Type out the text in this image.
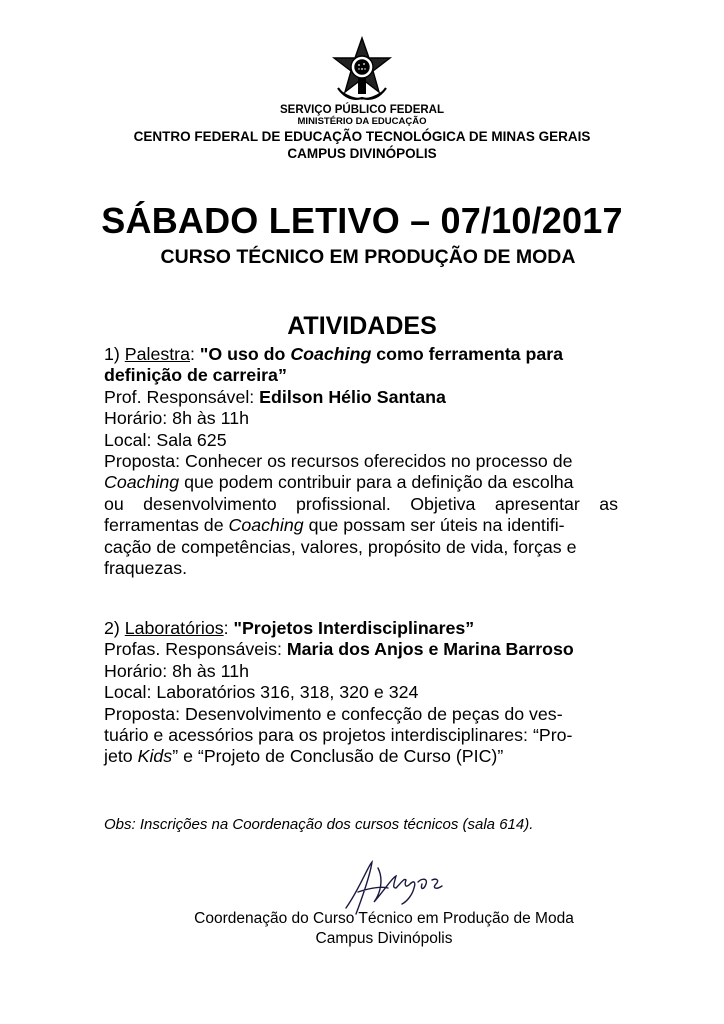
SERVIÇO PÚBLICO FEDERAL
MINISTÉRIO DA EDUCAÇÃO
CENTRO FEDERAL DE EDUCAÇÃO TECNOLÓGICA DE MINAS GERAIS
CAMPUS DIVINÓPOLIS
SÁBADO LETIVO – 07/10/2017
CURSO TÉCNICO EM PRODUÇÃO DE MODA
ATIVIDADES
1) Palestra: "O uso do Coaching como ferramenta para
definição de carreira”
Prof. Responsável: Edilson Hélio Santana
Horário: 8h às 11h
Local: Sala 625
Proposta: Conhecer os recursos oferecidos no processo de
Coaching que podem contribuir para a definição da escolha
ou desenvolvimento profissional. Objetiva apresentar as
ferramentas de Coaching que possam ser úteis na identifi-
cação de competências, valores, propósito de vida, forças e
fraquezas.
2) Laboratórios: "Projetos Interdisciplinares”
Profas. Responsáveis: Maria dos Anjos e Marina Barroso
Horário: 8h às 11h
Local: Laboratórios 316, 318, 320 e 324
Proposta: Desenvolvimento e confecção de peças do ves-
tuário e acessórios para os projetos interdisciplinares: “Pro-
jeto Kids” e “Projeto de Conclusão de Curso (PIC)”
Obs: Inscrições na Coordenação dos cursos técnicos (sala 614).
Coordenação do Curso Técnico em Produção de Moda
Campus Divinópolis
